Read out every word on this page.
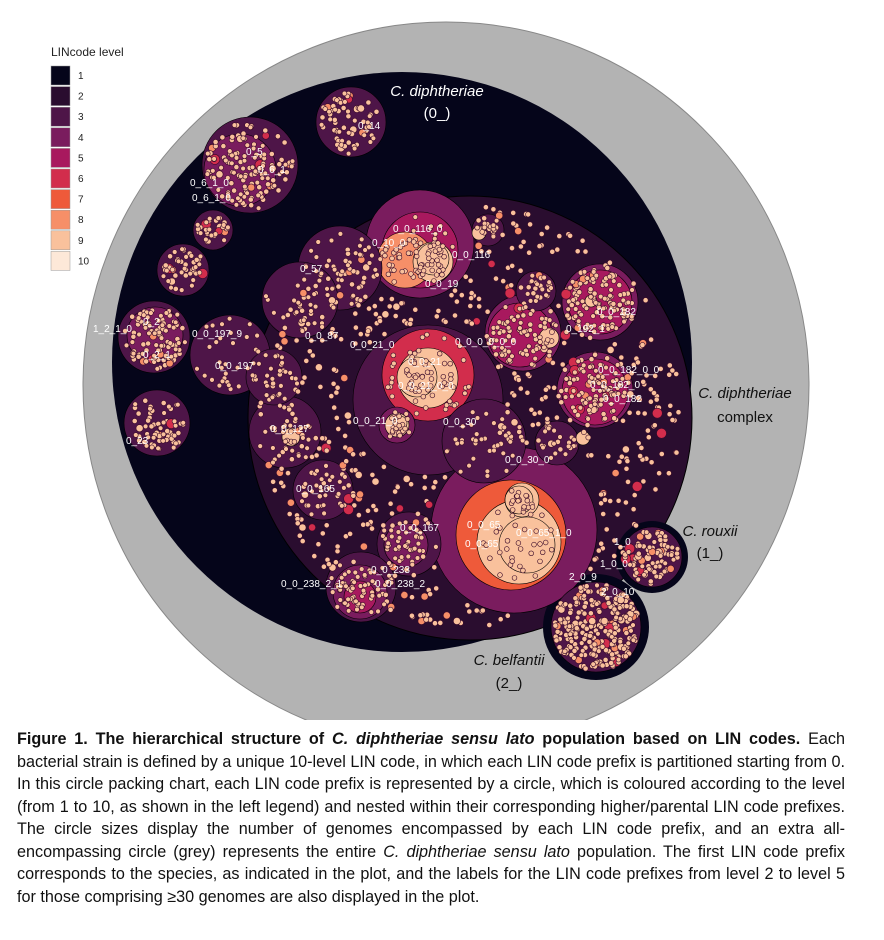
C. diphtheriae
(0_)
C. diphtheriae
complex
C. rouxii
(1_)
C. belfantii
(2_)
LINcode level
1
2
3
4
5
6
7
8
9
10
0_14
0_5
0_6_1
0_6_1_0
0_6_1_0
0_0_116_0
0_10_0
0_0_116
0_57
0_0_19
1_2_1_0
0_2
0_2_1
0_0_197_9
0_0_197
0_0_87
0_0_21_0	0_0_0_0_0_0
0_0_21
0_0_21_0_0
0_192_1
0_0_182
0_0_182_0_0
0_0_182_0
0_0_182
0_23
0_0_127
0_0_21_0	0_0_30
0_0_30_0
0_0_165
0_0_167	0_0_65
0_0_65
0_0_65_1_0
0_0_233
0_0_238_2_1	0_0_238_2
1_0
1_0_0
2_0_9
2_0_10
Figure 1. The hierarchical structure of C. diphtheriae sensu lato population based on LIN codes. Each bacterial strain is defined by a unique 10-level LIN code, in which each LIN code prefix is partitioned starting from 0. In this circle packing chart, each LIN code prefix is represented by a circle, which is coloured according to the level (from 1 to 10, as shown in the left legend) and nested within their corresponding higher/parental LIN code prefixes. The circle sizes display the number of genomes encompassed by each LIN code prefix, and an extra all-encompassing circle (grey) represents the entire C. diphtheriae sensu lato population. The first LIN code prefix corresponds to the species, as indicated in the plot, and the labels for the LIN code prefixes from level 2 to level 5 for those comprising ≥30 genomes are also displayed in the plot.
